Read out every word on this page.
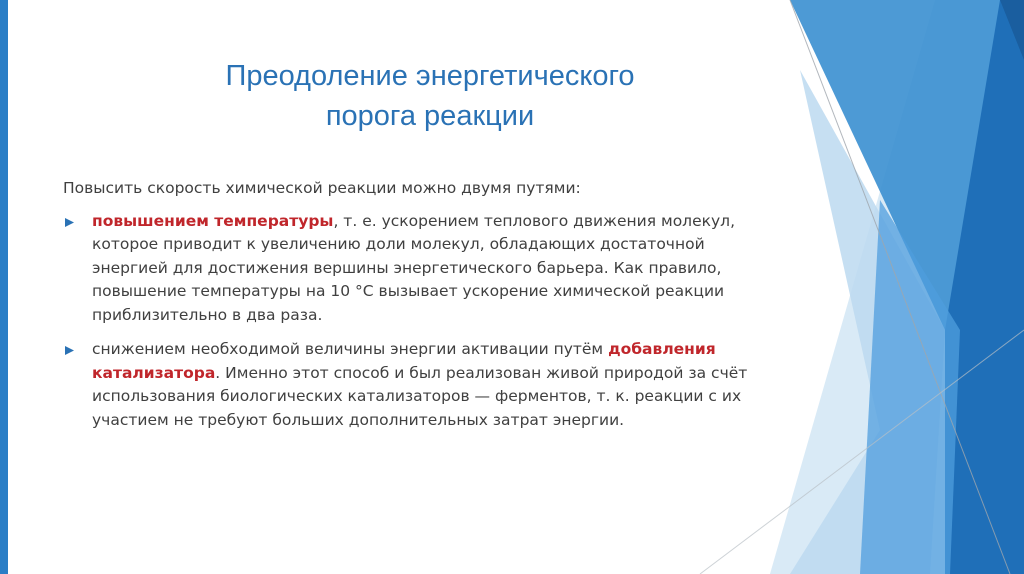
Преодоление энергетического
порога реакции

Повысить скорость химической реакции можно двумя путями:

повышением температуры, т. е. ускорением теплового движения молекул, которое приводит к увеличению доли молекул, обладающих достаточной энергией для достижения вершины энергетического барьера. Как правило, повышение температуры на 10 °С вызывает ускорение химической реакции приблизительно в два раза.

снижением необходимой величины энергии активации путём добавления катализатора. Именно этот способ и был реализован живой природой за счёт использования биологических катализаторов — ферментов, т. к. реакции с их участием не требуют больших дополнительных затрат энергии.
